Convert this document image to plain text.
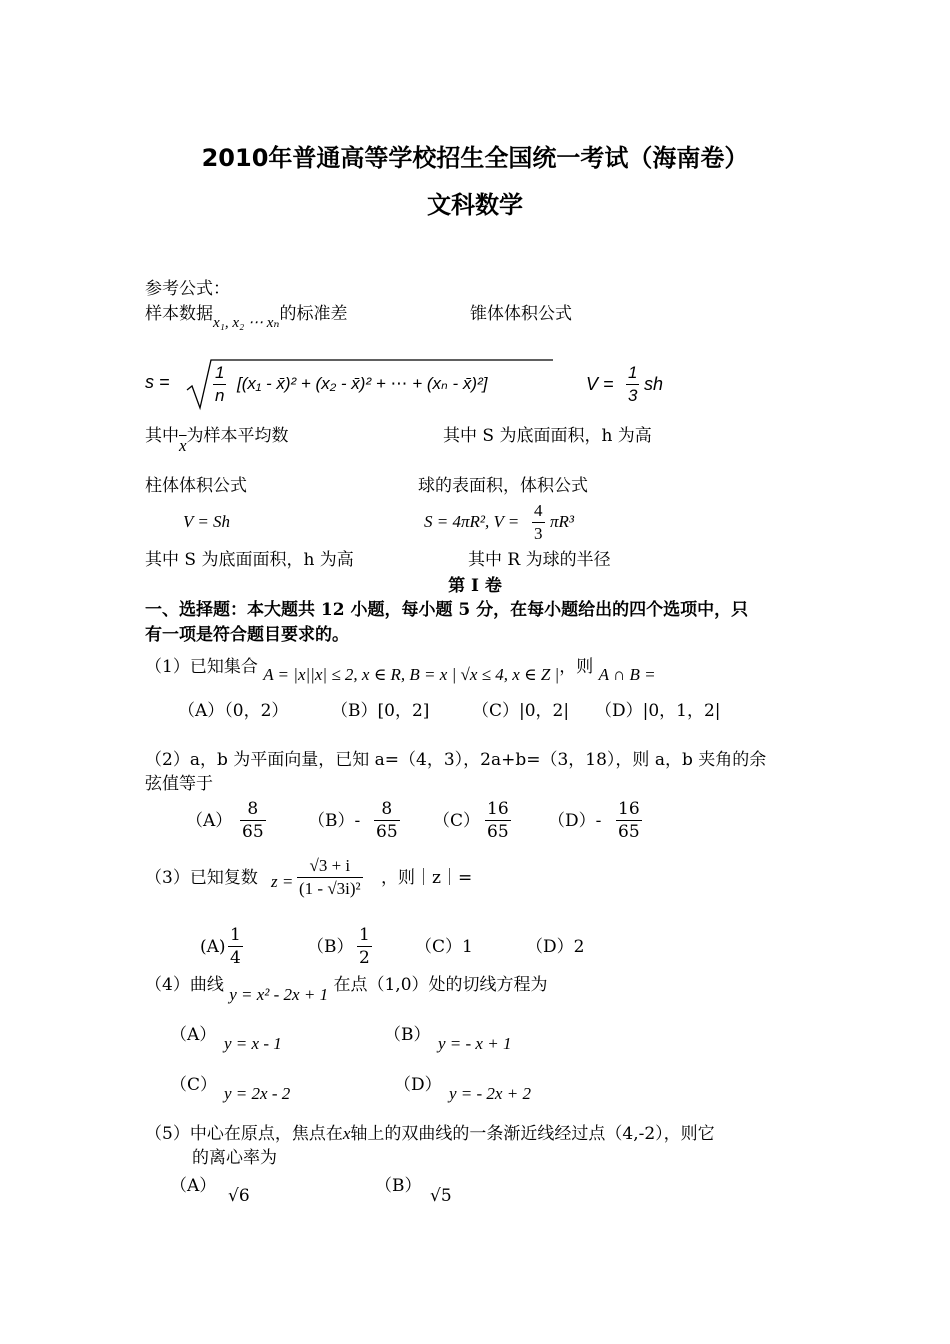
2010年普通高等学校招生全国统一考试（海南卷）
文科数学
参考公式：
样本数据x₁, x₂ ⋯ xₙ的标准差	锥体体积公式
s =	$\frac{1}{n} [(x_1$ - x̄)² + (x₂ - x̄)² + ⋯ + (xₙ - x̄)²]	$V = \frac{1}{3}$ sh
其中$\overline{x}$为样本平均数	其中 S 为底面面积，h 为高
柱体体积公式	球的表面积，体积公式
V = Sh	S = 4πR², $V = \frac{4}{3} \pi R^3$
其中 S 为底面面积，h 为高	其中 R 为球的半径
第 I 卷
一、选择题：本大题共 12 小题，每小题 5 分，在每小题给出的四个选项中，只
有一项是符合题目要求的。
（1）已知集合 A = |x||x| ≤ 2, x ∈ R, B = x | √x ≤ 4, x ∈ Z |，则 A ∩ B =
（A）（0，2）	（B）[0，2]	（C）|0，2| （D）|0，1，2|
（2）a，b 为平面向量，已知 a=（4，3），2a+b=（3，18），则 a，b 夹角的余
弦值等于
$(A) \frac{8}{65} (B)- \frac{8}{65} (C) \frac{16}{65} (D)- \frac{16}{65}$
（3）已知复数 $z = \frac{√3 + i}{\text{(1 - √3i)²}}$ ，则｜z｜=
$(A) \frac{1}{4}$	$(B) \frac{1}{2}$	（C）1	（D）2
（4）曲线 y = x² - 2x + 1 在点（1,0）处的切线方程为
（A） y = x - 1	（B） y = - x + 1
（C） y = 2x - 2	（D） y = - 2x + 2
（5）中心在原点，焦点在x轴上的双曲线的一条渐近线经过点（4,-2），则它
的离心率为
（A） √6	（B） √5
